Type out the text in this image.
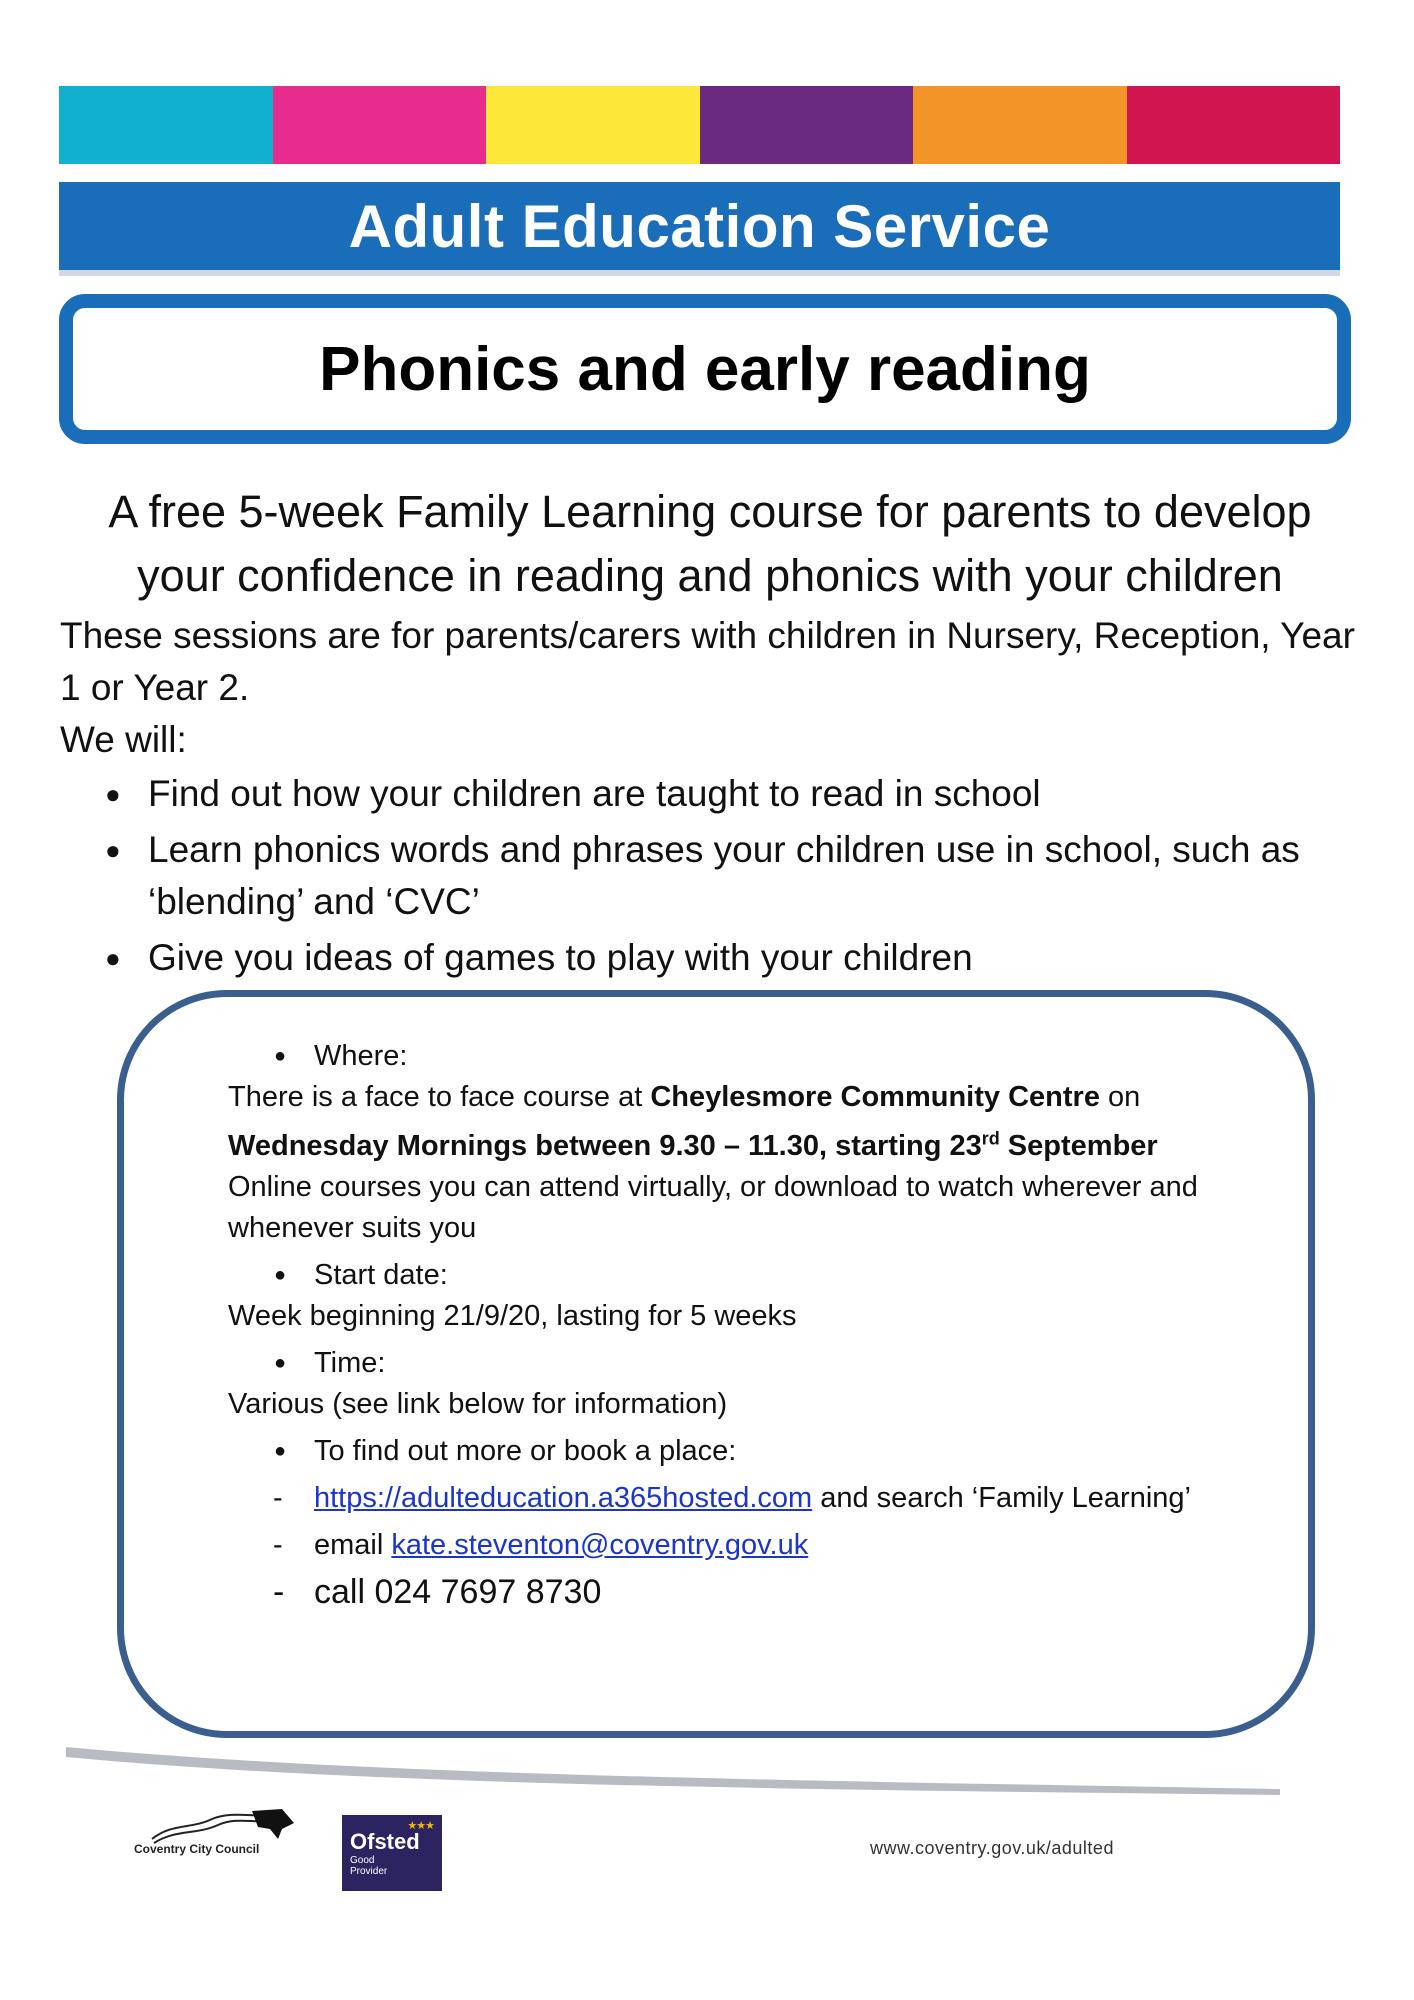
Adult Education Service
Phonics and early reading
A free 5-week Family Learning course for parents to develop your confidence in reading and phonics with your children

These sessions are for parents/carers with children in Nursery, Reception, Year 1 or Year 2.

We will:

● Find out how your children are taught to read in school
● Learn phonics words and phrases your children use in school, such as ‘blending’ and ‘CVC’
● Give you ideas of games to play with your children

● Where:

There is a face to face course at Cheylesmore Community Centre on

Wednesday Mornings between 9.30 – 11.30, starting 23rd September

Online courses you can attend virtually, or download to watch wherever and whenever suits you

● Start date:

Week beginning 21/9/20, lasting for 5 weeks

● Time:

Various (see link below for information)

● To find out more or book a place:

- https://adulteducation.a365hosted.com and search ‘Family Learning’

- email kate.steventon@coventry.gov.uk

- call 024 7697 8730

Coventry City Council
★★★
Ofsted
Good
Provider
www.coventry.gov.uk/adulted
